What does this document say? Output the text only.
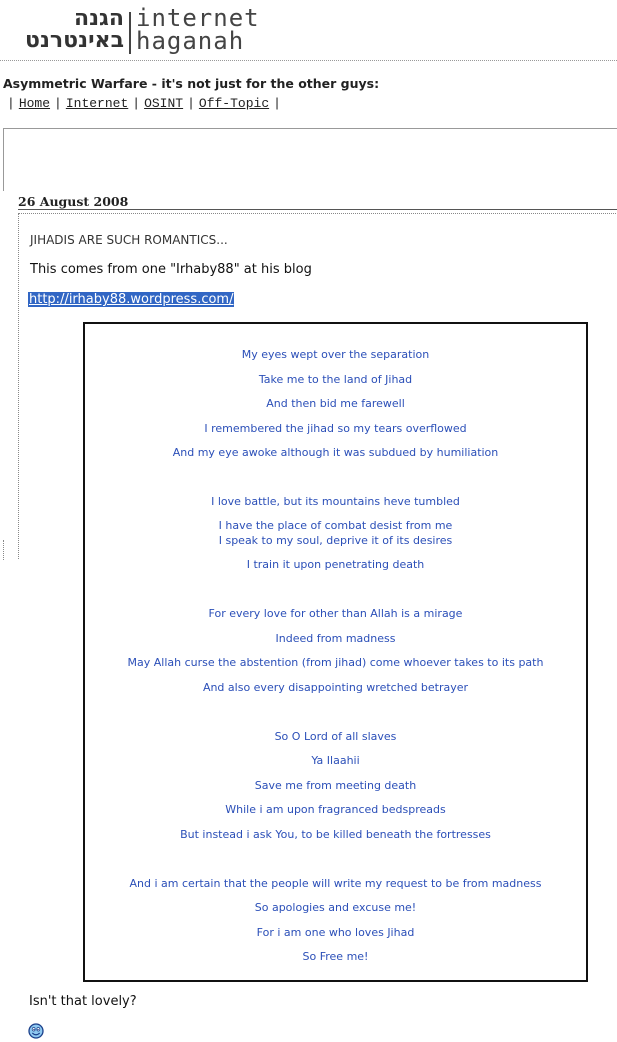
הגנה
באינטרנט
internet
haganah
Asymmetric Warfare - it's not just for the other guys:
| Home | Internet | OSINT | Off-Topic |
26 August 2008
JIHADIS ARE SUCH ROMANTICS...
This comes from one "Irhaby88" at his blog
http://irhaby88.wordpress.com/
My eyes wept over the separation
Take me to the land of Jihad
And then bid me farewell
I remembered the jihad so my tears overflowed
And my eye awoke although it was subdued by humiliation
I love battle, but its mountains heve tumbled
I have the place of combat desist from me
I speak to my soul, deprive it of its desires
I train it upon penetrating death
For every love for other than Allah is a mirage
Indeed from madness
May Allah curse the abstention (from jihad) come whoever takes to its path
And also every disappointing wretched betrayer
So O Lord of all slaves
Ya Ilaahii
Save me from meeting death
While i am upon fragranced bedspreads
But instead i ask You, to be killed beneath the fortresses
And i am certain that the people will write my request to be from madness
So apologies and excuse me!
For i am one who loves Jihad
So Free me!
Isn't that lovely?
